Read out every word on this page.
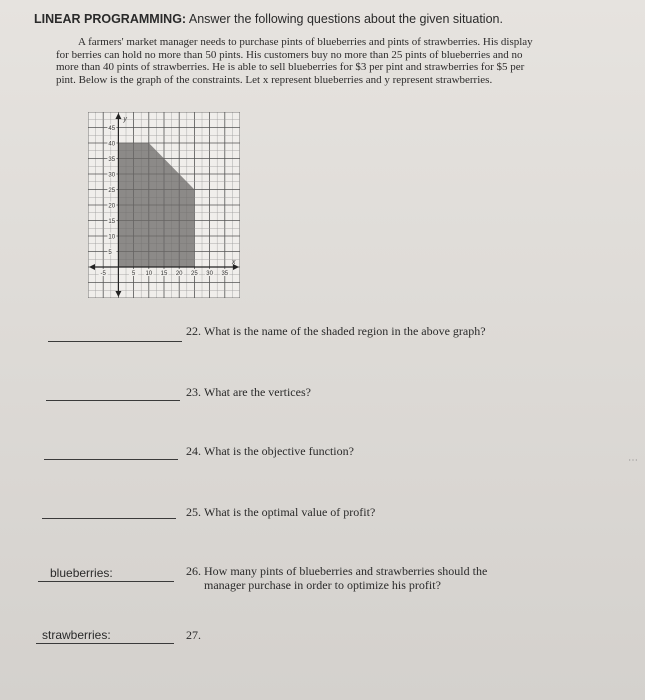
LINEAR PROGRAMMING: Answer the following questions about the given situation.

A farmers' market manager needs to purchase pints of blueberries and pints of strawberries. His display for berries can hold no more than 50 pints. His customers buy no more than 25 pints of blueberries and no more than 40 pints of strawberries. He is able to sell blueberries for $3 per pint and strawberries for $5 per pint. Below is the graph of the constraints. Let x represent blueberries and y represent strawberries.

45
40
35
30
25
20
15
10
5
-5	5 10 15 20 25 30 35
y
x
22. What is the name of the shaded region in the above graph?
23. What are the vertices?
24. What is the objective function?
25. What is the optimal value of profit?
blueberries:	26. How many pints of blueberries and strawberries should the
manager purchase in order to optimize his profit?
strawberries:	27.
⋯
